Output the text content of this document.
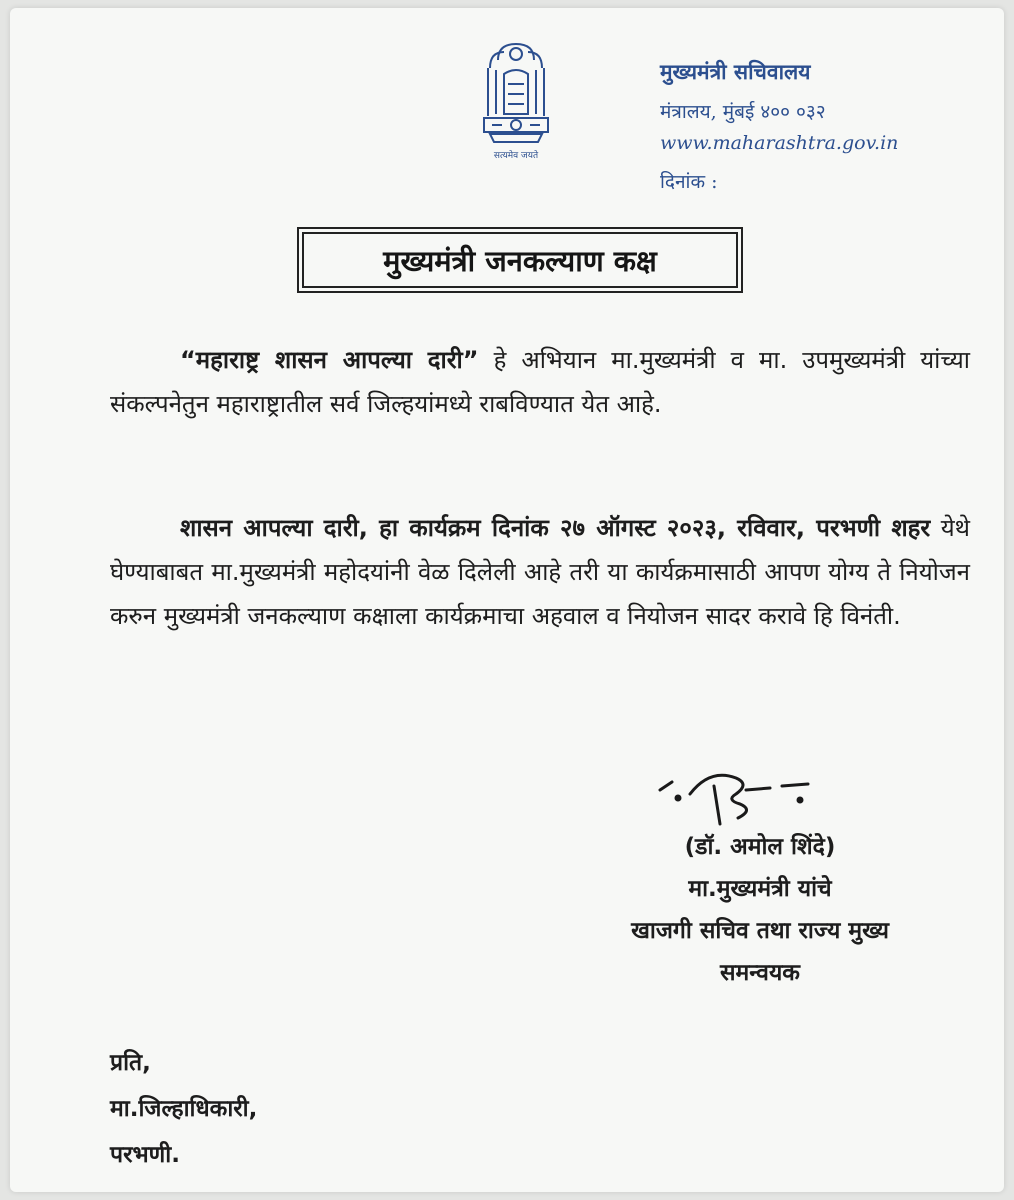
सत्यमेव जयते
मुख्यमंत्री सचिवालय
मंत्रालय, मुंबई ४०० ०३२
www.maharashtra.gov.in
दिनांक :
मुख्यमंत्री जनकल्याण कक्ष
“महाराष्ट्र शासन आपल्या दारी” हे अभियान मा.मुख्यमंत्री व मा. उपमुख्यमंत्री यांच्या संकल्पनेतुन महाराष्ट्रातील सर्व जिल्हयांमध्ये राबविण्यात येत आहे.
शासन आपल्या दारी, हा कार्यक्रम दिनांक २७ ऑगस्ट २०२३, रविवार, परभणी शहर येथे घेण्याबाबत मा.मुख्यमंत्री महोदयांनी वेळ दिलेली आहे तरी या कार्यक्रमासाठी आपण योग्य ते नियोजन करुन मुख्यमंत्री जनकल्याण कक्षाला कार्यक्रमाचा अहवाल व नियोजन सादर करावे हि विनंती.
(डॉ. अमोल शिंदे)
मा.मुख्यमंत्री यांचे
खाजगी सचिव तथा राज्य मुख्य
समन्वयक
प्रति,
मा.जिल्हाधिकारी,
परभणी.
